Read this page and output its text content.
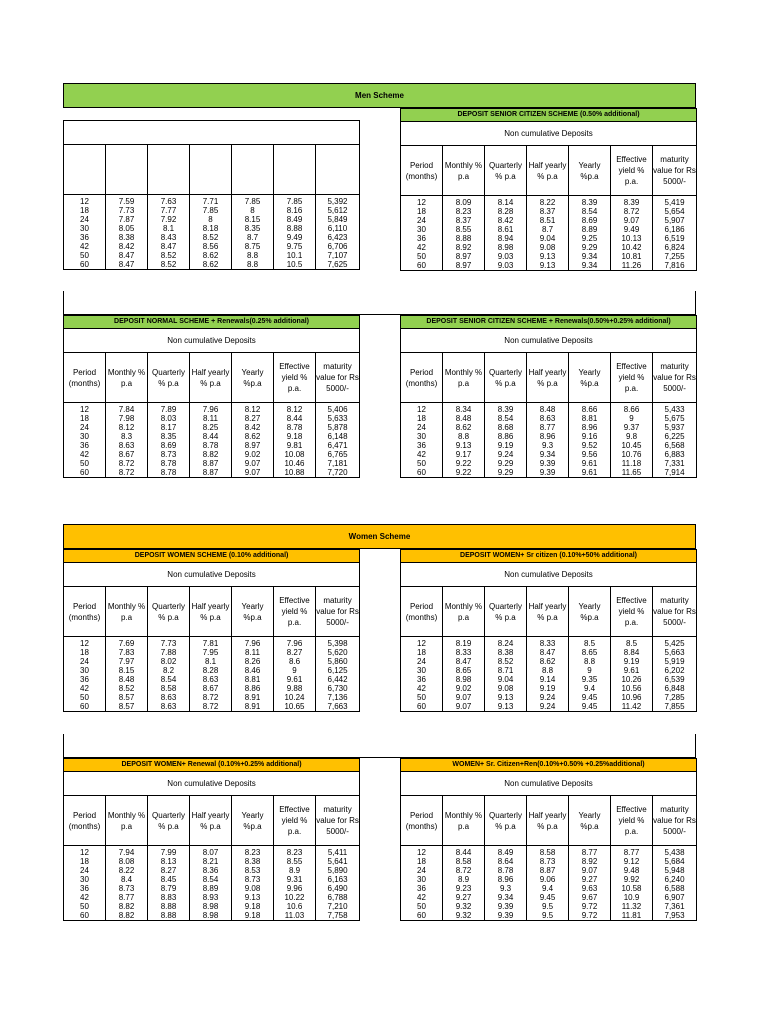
Men Scheme

12	7.59	7.63	7.71	7.85	7.85	5,392
18	7.73	7.77	7.85	8	8.16	5,612
24	7.87	7.92	8	8.15	8.49	5,849
30	8.05	8.1	8.18	8.35	8.88	6,110
36	8.38	8.43	8.52	8.7	9.49	6,423
42	8.42	8.47	8.56	8.75	9.75	6,706
50	8.47	8.52	8.62	8.8	10.1	7,107
60	8.47	8.52	8.62	8.8	10.5	7,625
DEPOSIT SENIOR CITIZEN SCHEME (0.50% additional)						
Non cumulative Deposits						
Period (months)	Monthly % p.a	Quarterly % p.a	Half yearly % p.a	Yearly %p.a	Effective yield % p.a.	maturity value for Rs 5000/-

12	8.09	8.14	8.22	8.39	8.39	5,419
18	8.23	8.28	8.37	8.54	8.72	5,654
24	8.37	8.42	8.51	8.69	9.07	5,907
30	8.55	8.61	8.7	8.89	9.49	6,186
36	8.88	8.94	9.04	9.25	10.13	6,519
42	8.92	8.98	9.08	9.29	10.42	6,824
50	8.97	9.03	9.13	9.34	10.81	7,255
60	8.97	9.03	9.13	9.34	11.26	7,816
DEPOSIT NORMAL SCHEME + Renewals(0.25% additional)						
Non cumulative Deposits						
Period (months)	Monthly % p.a	Quarterly % p.a	Half yearly % p.a	Yearly %p.a	Effective yield % p.a.	maturity value for Rs 5000/-

12	7.84	7.89	7.96	8.12	8.12	5,406
18	7.98	8.03	8.11	8.27	8.44	5,633
24	8.12	8.17	8.25	8.42	8.78	5,878
30	8.3	8.35	8.44	8.62	9.18	6,148
36	8.63	8.69	8.78	8.97	9.81	6,471
42	8.67	8.73	8.82	9.02	10.08	6,765
50	8.72	8.78	8.87	9.07	10.46	7,181
60	8.72	8.78	8.87	9.07	10.88	7,720
DEPOSIT SENIOR CITIZEN SCHEME + Renewals(0.50%+0.25% additional)						
Non cumulative Deposits						
Period (months)	Monthly % p.a	Quarterly % p.a	Half yearly % p.a	Yearly %p.a	Effective yield % p.a.	maturity value for Rs 5000/-

12	8.34	8.39	8.48	8.66	8.66	5,433
18	8.48	8.54	8.63	8.81	9	5,675
24	8.62	8.68	8.77	8.96	9.37	5,937
30	8.8	8.86	8.96	9.16	9.8	6,225
36	9.13	9.19	9.3	9.52	10.45	6,568
42	9.17	9.24	9.34	9.56	10.76	6,883
50	9.22	9.29	9.39	9.61	11.18	7,331
60	9.22	9.29	9.39	9.61	11.65	7,914
Women Scheme
DEPOSIT WOMEN SCHEME (0.10% additional)						
Non cumulative Deposits						
Period (months)	Monthly % p.a	Quarterly % p.a	Half yearly % p.a	Yearly %p.a	Effective yield % p.a.	maturity value for Rs 5000/-

12	7.69	7.73	7.81	7.96	7.96	5,398
18	7.83	7.88	7.95	8.11	8.27	5,620
24	7.97	8.02	8.1	8.26	8.6	5,860
30	8.15	8.2	8.28	8.46	9	6,125
36	8.48	8.54	8.63	8.81	9.61	6,442
42	8.52	8.58	8.67	8.86	9.88	6,730
50	8.57	8.63	8.72	8.91	10.24	7,136
60	8.57	8.63	8.72	8.91	10.65	7,663
DEPOSIT WOMEN+ Sr citizen (0.10%+50% additional)						
Non cumulative Deposits						
Period (months)	Monthly % p.a	Quarterly % p.a	Half yearly % p.a	Yearly %p.a	Effective yield % p.a.	maturity value for Rs 5000/-

12	8.19	8.24	8.33	8.5	8.5	5,425
18	8.33	8.38	8.47	8.65	8.84	5,663
24	8.47	8.52	8.62	8.8	9.19	5,919
30	8.65	8.71	8.8	9	9.61	6,202
36	8.98	9.04	9.14	9.35	10.26	6,539
42	9.02	9.08	9.19	9.4	10.56	6,848
50	9.07	9.13	9.24	9.45	10.96	7,285
60	9.07	9.13	9.24	9.45	11.42	7,855
DEPOSIT WOMEN+ Renewal (0.10%+0.25% additional)						
Non cumulative Deposits						
Period (months)	Monthly % p.a	Quarterly % p.a	Half yearly % p.a	Yearly %p.a	Effective yield % p.a.	maturity value for Rs 5000/-

12	7.94	7.99	8.07	8.23	8.23	5,411
18	8.08	8.13	8.21	8.38	8.55	5,641
24	8.22	8.27	8.36	8.53	8.9	5,890
30	8.4	8.45	8.54	8.73	9.31	6,163
36	8.73	8.79	8.89	9.08	9.96	6,490
42	8.77	8.83	8.93	9.13	10.22	6,788
50	8.82	8.88	8.98	9.18	10.6	7,210
60	8.82	8.88	8.98	9.18	11.03	7,758
WOMEN+ Sr. Citizen+Ren(0.10%+0.50% +0.25%additional)						
Non cumulative Deposits						
Period (months)	Monthly % p.a	Quarterly % p.a	Half yearly % p.a	Yearly %p.a	Effective yield % p.a.	maturity value for Rs 5000/-

12	8.44	8.49	8.58	8.77	8.77	5,438
18	8.58	8.64	8.73	8.92	9.12	5,684
24	8.72	8.78	8.87	9.07	9.48	5,948
30	8.9	8.96	9.06	9.27	9.92	6,240
36	9.23	9.3	9.4	9.63	10.58	6,588
42	9.27	9.34	9.45	9.67	10.9	6,907
50	9.32	9.39	9.5	9.72	11.32	7,361
60	9.32	9.39	9.5	9.72	11.81	7,953
